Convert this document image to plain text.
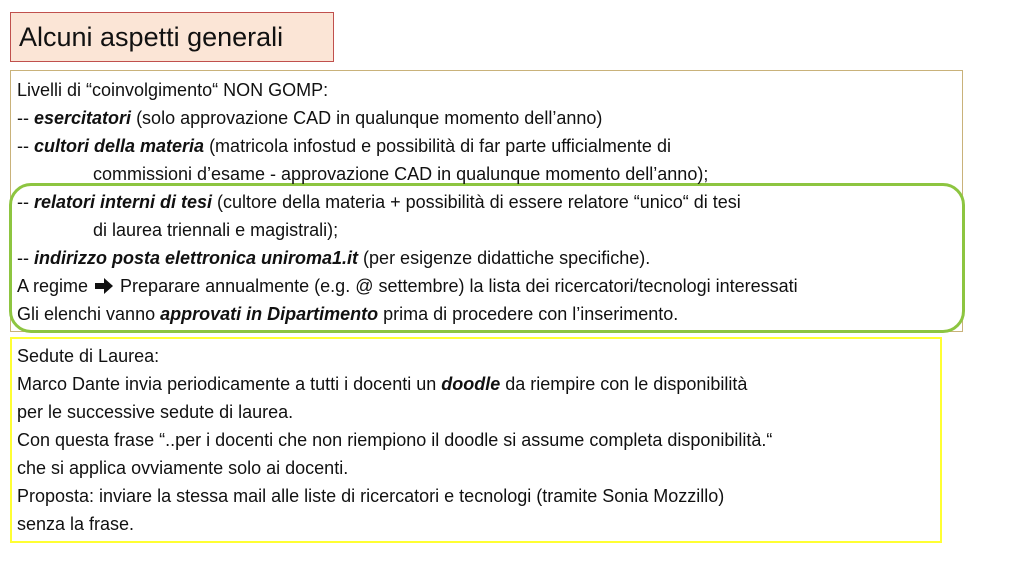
Alcuni aspetti generali
Livelli di “coinvolgimento“ NON GOMP:
-- esercitatori (solo approvazione CAD in qualunque momento dell’anno)
-- cultori della materia (matricola infostud e possibilità di far parte ufficialmente di
commissioni d’esame - approvazione CAD in qualunque momento dell’anno);
-- relatori interni di tesi (cultore della materia + possibilità di essere relatore “unico“ di tesi
di laurea triennali e magistrali);
-- indirizzo posta elettronica uniroma1.it (per esigenze didattiche specifiche).
A regime  Preparare annualmente (e.g. @ settembre) la lista dei ricercatori/tecnologi interessati
Gli elenchi vanno approvati in Dipartimento prima di procedere con l’inserimento.
Sedute di Laurea:
Marco Dante invia periodicamente a tutti i docenti un doodle da riempire con le disponibilità
per le successive sedute di laurea.
Con questa frase “..per i docenti che non riempiono il doodle si assume completa disponibilità.“
che si applica ovviamente solo ai docenti.
Proposta: inviare la stessa mail alle liste di ricercatori e tecnologi (tramite Sonia Mozzillo)
senza la frase.
